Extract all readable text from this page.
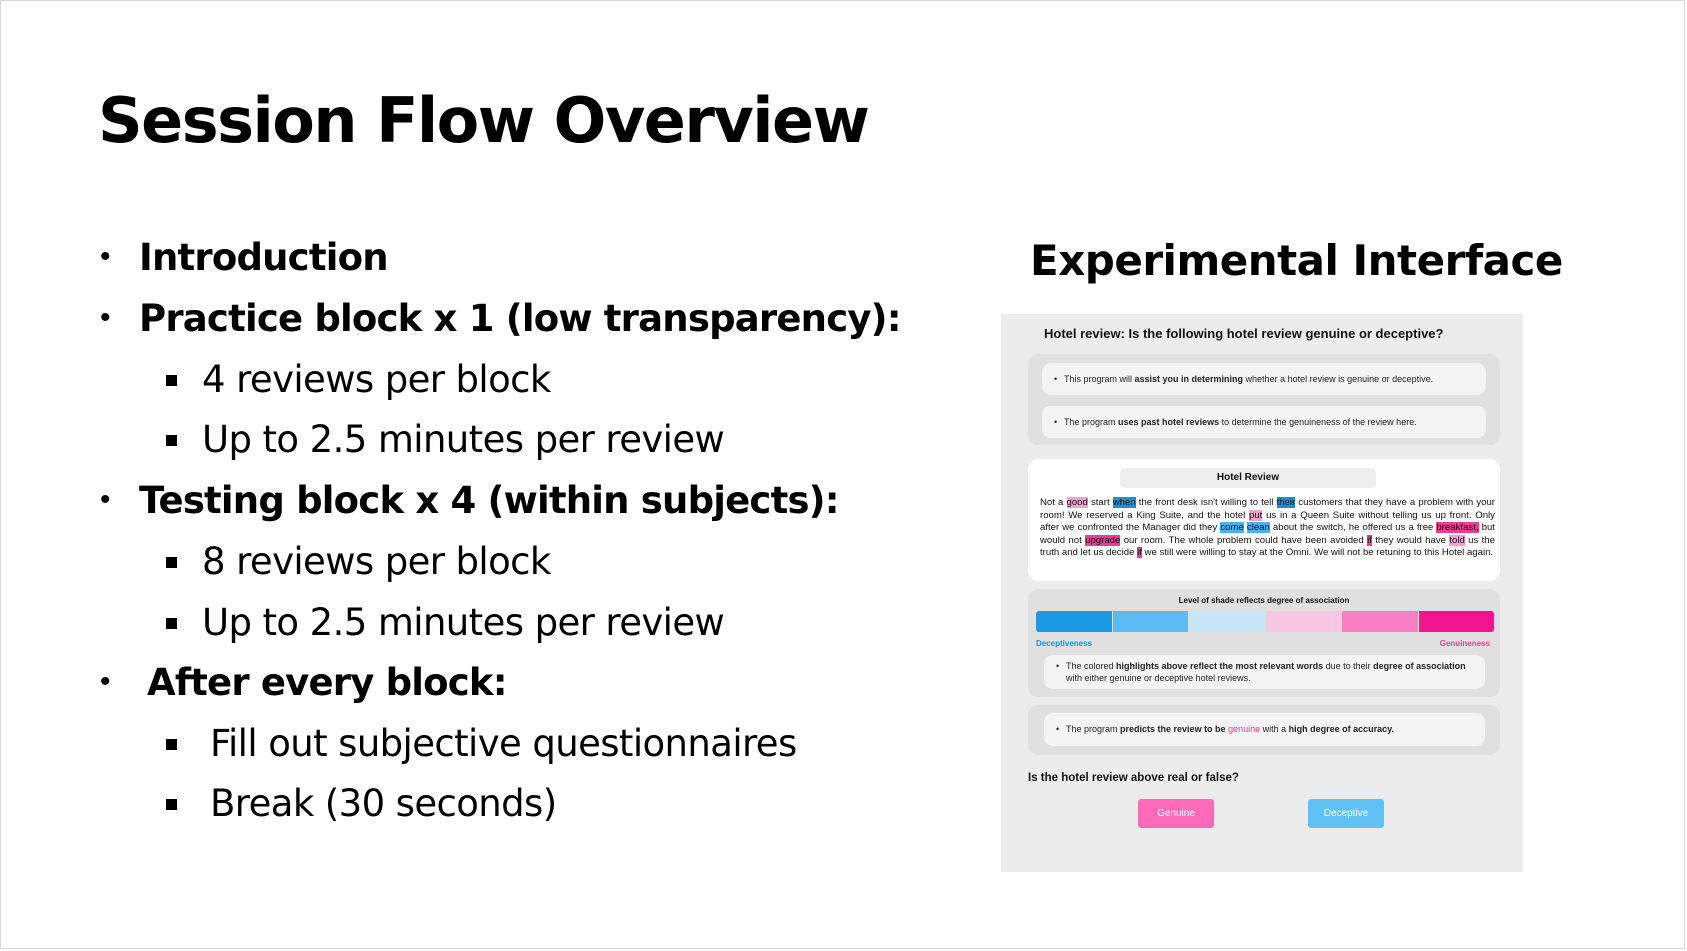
Session Flow Overview
• Introduction
• Practice block x 1 (low transparency):
4 reviews per block
Up to 2.5 minutes per review
• Testing block x 4 (within subjects):
8 reviews per block
Up to 2.5 minutes per review
• After every block:
Fill out subjective questionnaires
Break (30 seconds)
Experimental Interface
Hotel review: Is the following hotel review genuine or deceptive?
• This program will assist you in determining whether a hotel review is genuine or deceptive.
• The program uses past hotel reviews to determine the genuineness of the review here.
Hotel Review
Not a good start when the front desk isn't willing to tell their customers that they have a problem with your room! We reserved a King Suite, and the hotel put us in a Queen Suite without telling us up front. Only after we confronted the Manager did they come clean about the switch, he offered us a free breakfast, but would not upgrade our room. The whole problem could have been avoided if they would have told us the truth and let us decide if we still were willing to stay at the Omni. We will not be retuning to this Hotel again.
Level of shade reflects degree of association
Deceptiveness	Genuineness
• The colored highlights above reflect the most relevant words due to their degree of association with either genuine or deceptive hotel reviews.
• The program predicts the review to be genuine with a high degree of accuracy.
Is the hotel review above real or false?
Genuine	Deceptive
